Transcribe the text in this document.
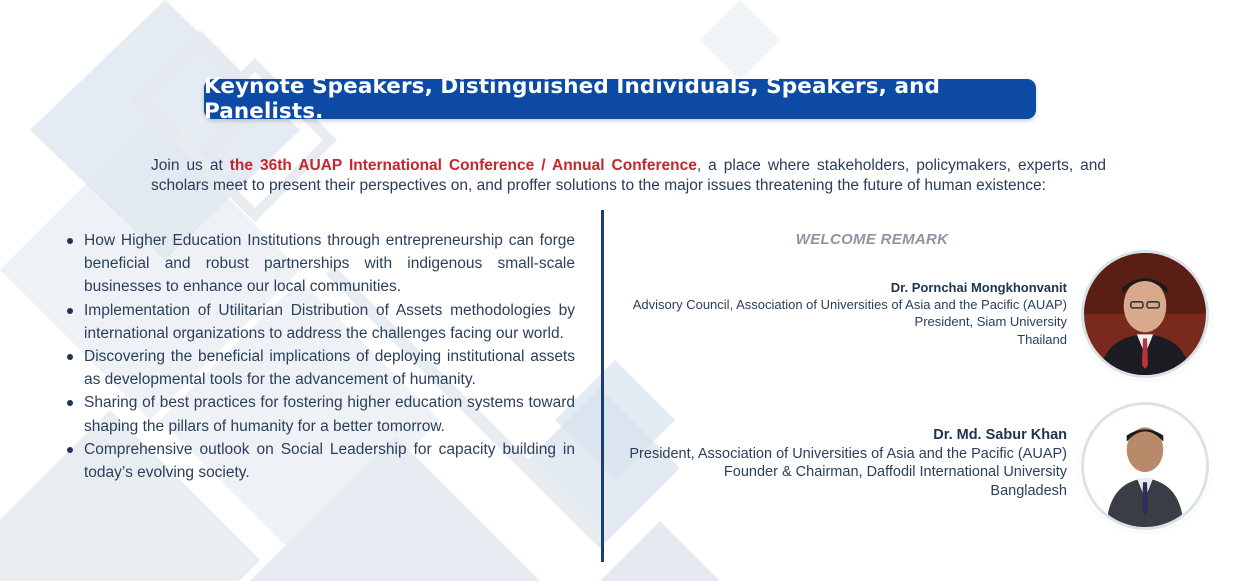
Keynote Speakers, Distinguished Individuals, Speakers, and Panelists.
Join us at the 36th AUAP International Conference / Annual Conference, a place where stakeholders, policymakers, experts, and scholars meet to present their perspectives on, and proffer solutions to the major issues threatening the future of human existence:
How Higher Education Institutions through entrepreneurship can forge beneficial and robust partnerships with indigenous small-scale businesses to enhance our local communities.
Implementation of Utilitarian Distribution of Assets methodologies by international organizations to address the challenges facing our world.
Discovering the beneficial implications of deploying institutional assets as developmental tools for the advancement of humanity.
Sharing of best practices for fostering higher education systems toward shaping the pillars of humanity for a better tomorrow.
Comprehensive outlook on Social Leadership for capacity building in today’s evolving society.
WELCOME REMARK
Dr. Pornchai Mongkhonvanit
Advisory Council, Association of Universities of Asia and the Pacific (AUAP)
President, Siam University
Thailand
Dr. Md. Sabur Khan
President, Association of Universities of Asia and the Pacific (AUAP)
Founder & Chairman, Daffodil International University
Bangladesh
